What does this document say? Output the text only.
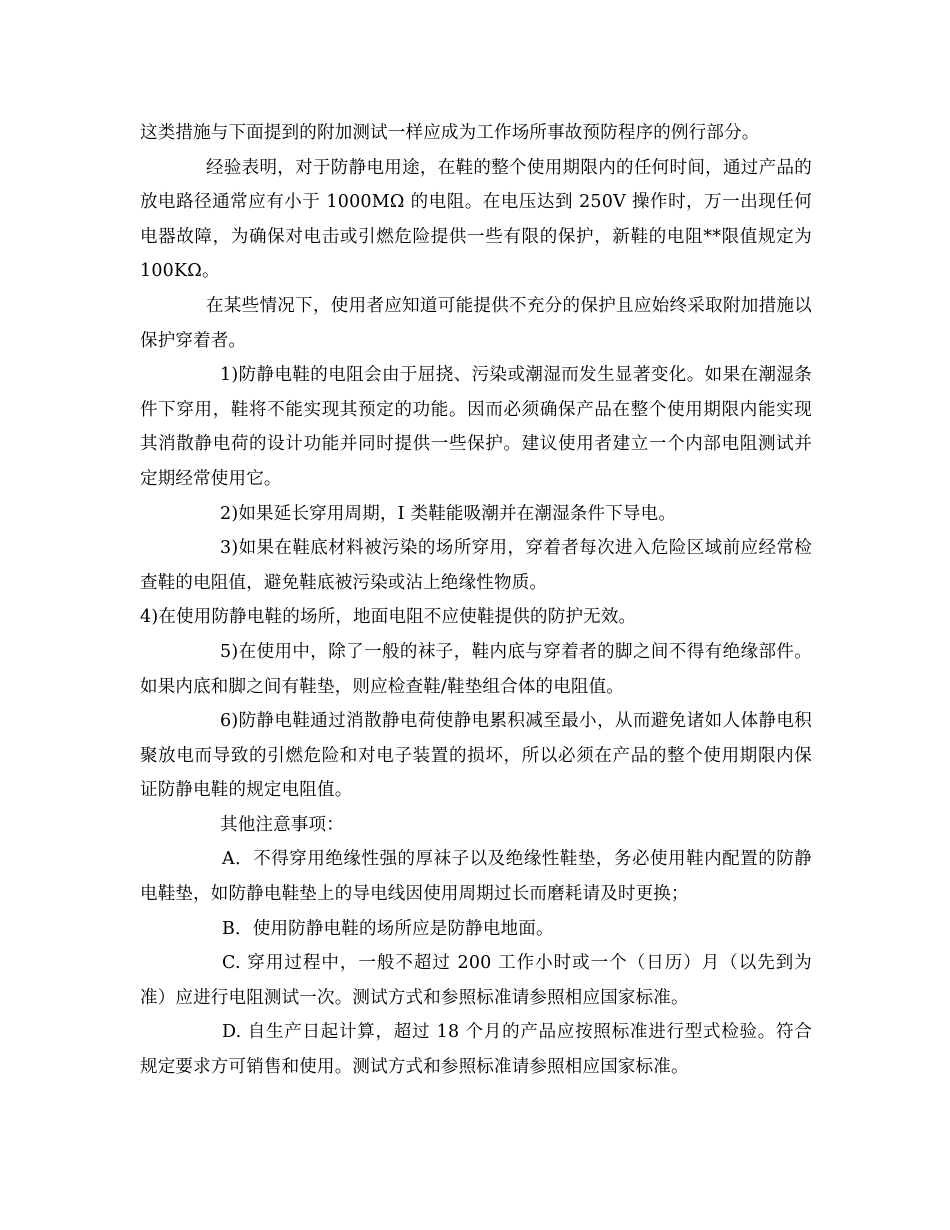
这类措施与下面提到的附加测试一样应成为工作场所事故预防程序的例行部分。

经验表明，对于防静电用途，在鞋的整个使用期限内的任何时间，通过产品的放电路径通常应有小于 1000MΩ 的电阻。在电压达到 250V 操作时，万一出现任何电器故障，为确保对电击或引燃危险提供一些有限的保护，新鞋的电阻**限值规定为 100KΩ。

在某些情况下，使用者应知道可能提供不充分的保护且应始终采取附加措施以保护穿着者。

1)防静电鞋的电阻会由于屈挠、污染或潮湿而发生显著变化。如果在潮湿条件下穿用，鞋将不能实现其预定的功能。因而必须确保产品在整个使用期限内能实现其消散静电荷的设计功能并同时提供一些保护。建议使用者建立一个内部电阻测试并定期经常使用它。

2)如果延长穿用周期，I 类鞋能吸潮并在潮湿条件下导电。

3)如果在鞋底材料被污染的场所穿用，穿着者每次进入危险区域前应经常检查鞋的电阻值，避免鞋底被污染或沾上绝缘性物质。

4)在使用防静电鞋的场所，地面电阻不应使鞋提供的防护无效。

5)在使用中，除了一般的袜子，鞋内底与穿着者的脚之间不得有绝缘部件。如果内底和脚之间有鞋垫，则应检查鞋/鞋垫组合体的电阻值。

6)防静电鞋通过消散静电荷使静电累积减至最小，从而避免诸如人体静电积聚放电而导致的引燃危险和对电子装置的损坏，所以必须在产品的整个使用期限内保证防静电鞋的规定电阻值。

其他注意事项：

A．不得穿用绝缘性强的厚袜子以及绝缘性鞋垫，务必使用鞋内配置的防静电鞋垫，如防静电鞋垫上的导电线因使用周期过长而磨耗请及时更换；

B．使用防静电鞋的场所应是防静电地面。

C. 穿用过程中，一般不超过 200 工作小时或一个（日历）月（以先到为准）应进行电阻测试一次。测试方式和参照标准请参照相应国家标准。

D. 自生产日起计算，超过 18 个月的产品应按照标准进行型式检验。符合规定要求方可销售和使用。测试方式和参照标准请参照相应国家标准。
